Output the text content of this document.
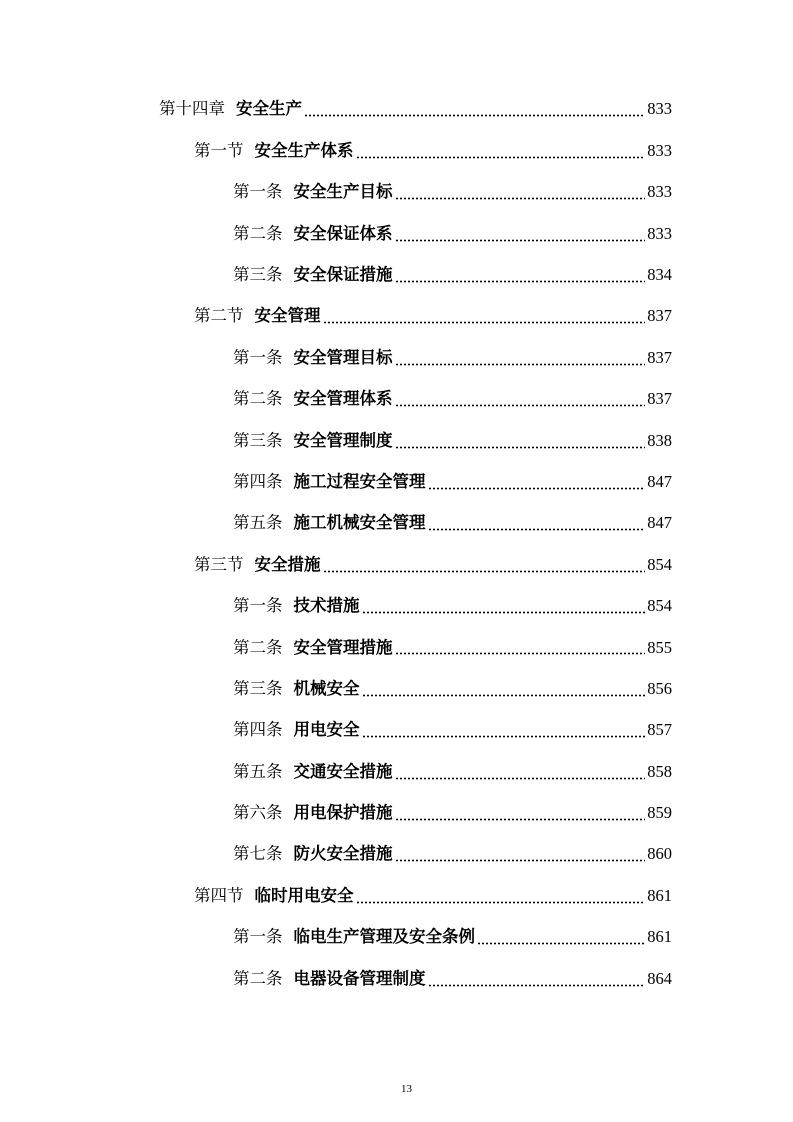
第十四章 安全生产	833
第一节 安全生产体系	833
第一条 安全生产目标	833
第二条 安全保证体系	833
第三条 安全保证措施	834
第二节 安全管理	837
第一条 安全管理目标	837
第二条 安全管理体系	837
第三条 安全管理制度	838
第四条 施工过程安全管理	847
第五条 施工机械安全管理	847
第三节 安全措施	854
第一条 技术措施	854
第二条 安全管理措施	855
第三条 机械安全	856
第四条 用电安全	857
第五条 交通安全措施	858
第六条 用电保护措施	859
第七条 防火安全措施	860
第四节 临时用电安全	861
第一条 临电生产管理及安全条例	861
第二条 电器设备管理制度	864
13
